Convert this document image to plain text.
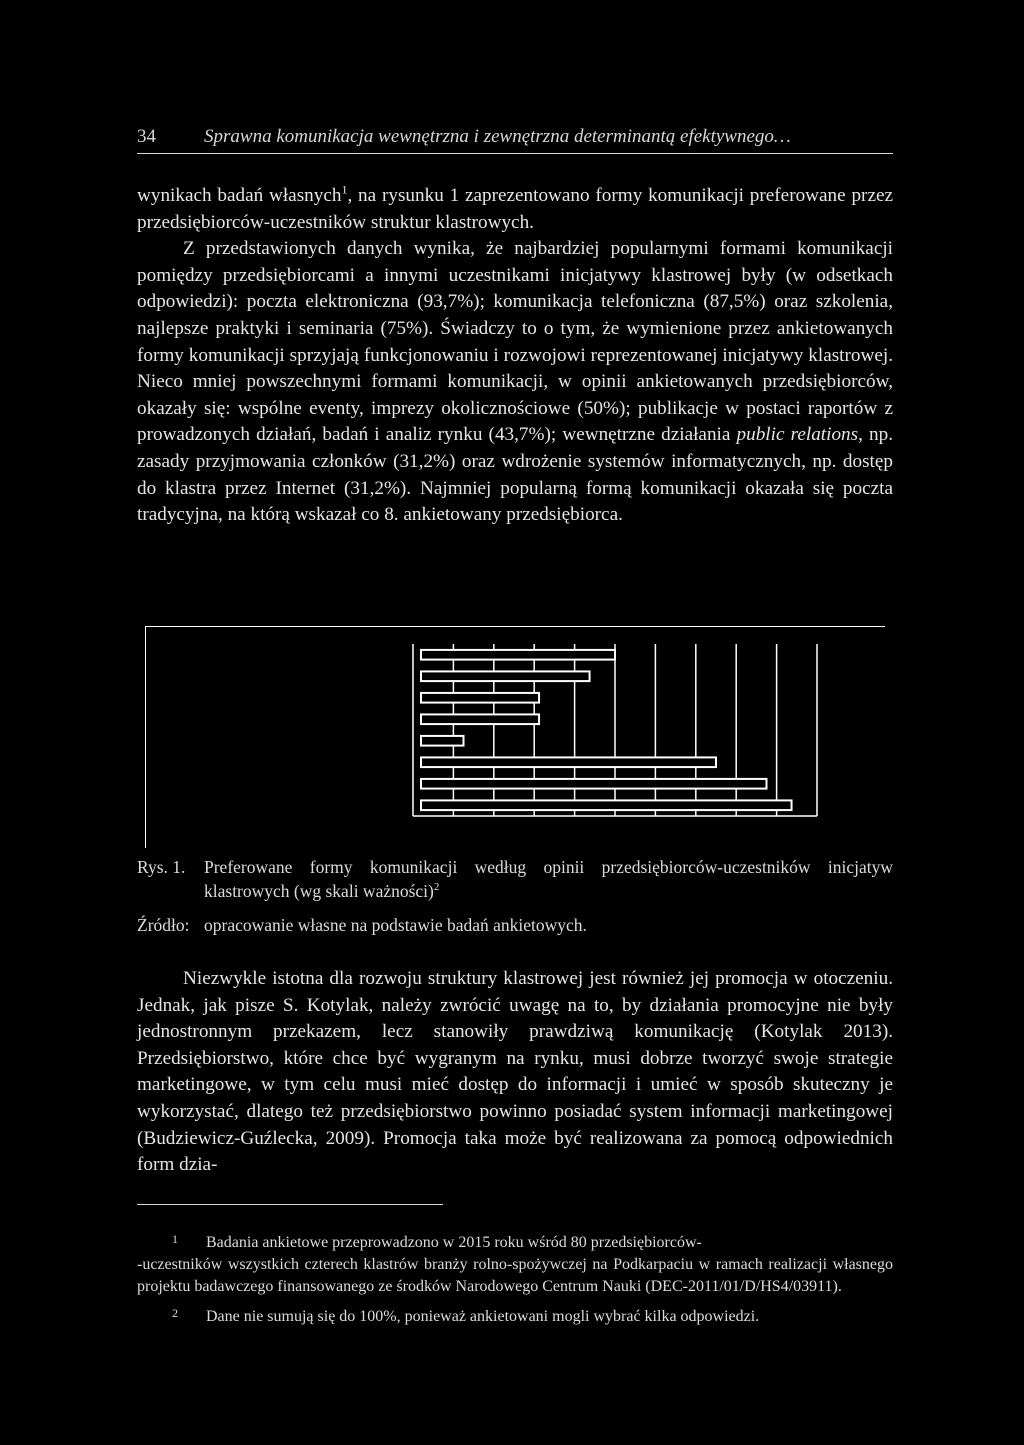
34	Sprawna komunikacja wewnętrzna i zewnętrzna determinantą efektywnego…

wynikach badań własnych$^1$, na rysunku 1 zaprezentowano formy komunikacji preferowane przez przedsiębiorców-uczestników struktur klastrowych.

Z przedstawionych danych wynika, że najbardziej popularnymi formami komunikacji pomiędzy przedsiębiorcami a innymi uczestnikami inicjatywy klastrowej były (w odsetkach odpowiedzi): poczta elektroniczna (93,7%); komunikacja telefoniczna (87,5%) oraz szkolenia, najlepsze praktyki i seminaria (75%). Świadczy to o tym, że wymienione przez ankietowanych formy komunikacji sprzyjają funkcjonowaniu i rozwojowi reprezentowanej inicjatywy klastrowej. Nieco mniej powszechnymi formami komunikacji, w opinii ankietowanych przedsiębiorców, okazały się: wspólne eventy, imprezy okolicznościowe (50%); publikacje w postaci raportów z prowadzonych działań, badań i analiz rynku (43,7%); wewnętrzne działania public relations, np. zasady przyjmowania członków (31,2%) oraz wdrożenie systemów informatycznych, np. dostęp do klastra przez Internet (31,2%). Najmniej popularną formą komunikacji okazała się poczta tradycyjna, na którą wskazał co 8. ankietowany przedsiębiorca.

Rys. 1. Preferowane formy komunikacji według opinii przedsiębiorców-uczestników inicjatyw klastrowych (wg skali ważności)$^2$
Źródło: opracowanie własne na podstawie badań ankietowych.

Niezwykle istotna dla rozwoju struktury klastrowej jest również jej promocja w otoczeniu. Jednak, jak pisze S. Kotylak, należy zwrócić uwagę na to, by działania promocyjne nie były jednostronnym przekazem, lecz stanowiły prawdziwą komunikację (Kotylak 2013). Przedsiębiorstwo, które chce być wygranym na rynku, musi dobrze tworzyć swoje strategie marketingowe, w tym celu musi mieć dostęp do informacji i umieć w sposób skuteczny je wykorzystać, dlatego też przedsiębiorstwo powinno posiadać system informacji marketingowej (Budziewicz-Guźlecka, 2009). Promocja taka może być realizowana za pomocą odpowiednich form dzia-

1 Badania ankietowe przeprowadzono w 2015 roku wśród 80 przedsiębiorców-
-uczestników wszystkich czterech klastrów branży rolno-spożywczej na Podkarpaciu w ramach realizacji własnego projektu badawczego finansowanego ze środków Narodowego Centrum Nauki (DEC-2011/01/D/HS4/03911).
2 Dane nie sumują się do 100%, ponieważ ankietowani mogli wybrać kilka odpowiedzi.
